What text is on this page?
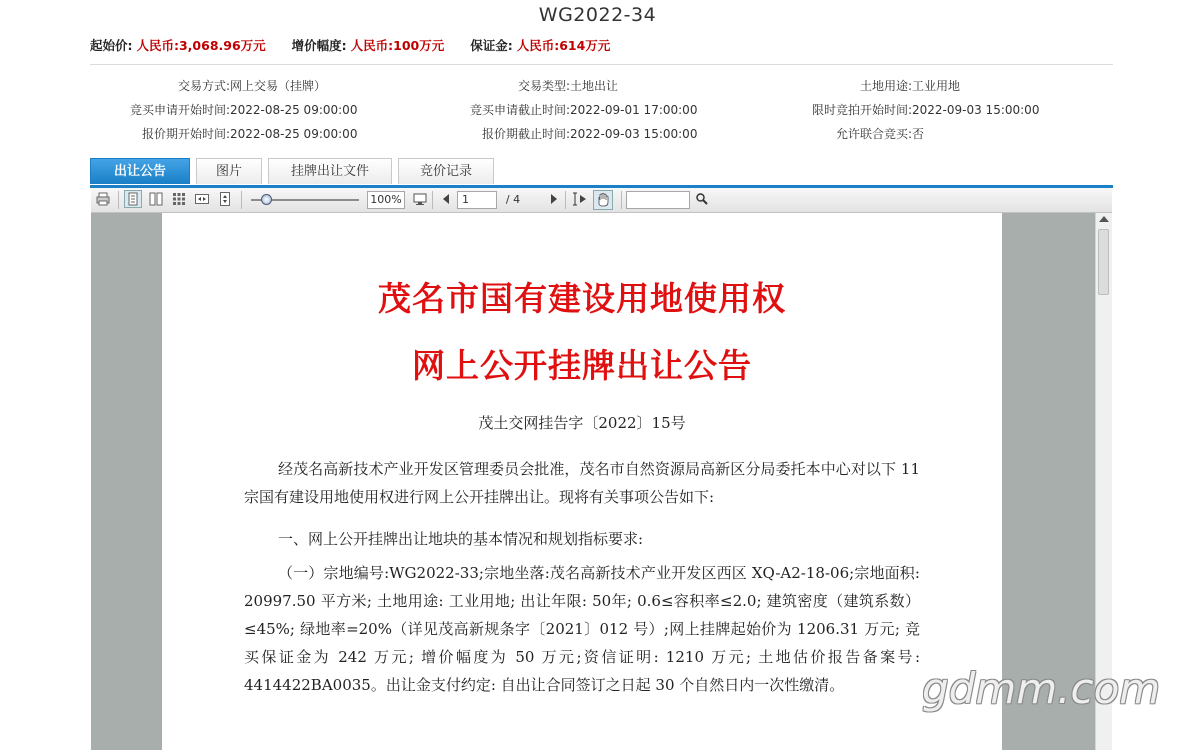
WG2022-34
起始价: 人民币:3,068.96万元 增价幅度: 人民币:100万元 保证金: 人民币:614万元
交易方式:网上交易（挂牌）	交易类型:土地出让	土地用途:工业用地
竞买申请开始时间:2022-08-25 09:00:00	竞买申请截止时间:2022-09-01 17:00:00	限时竞拍开始时间:2022-09-03 15:00:00
报价期开始时间:2022-08-25 09:00:00	报价期截止时间:2022-09-03 15:00:00	允许联合竞买:否
出让公告	图片	挂牌出让文件	竞价记录
100%	1	/ 4
茂名市国有建设用地使用权
网上公开挂牌出让公告
茂土交网挂告字〔2022〕15号
经茂名高新技术产业开发区管理委员会批准，茂名市自然资源局高新区分局委托本中心对以下 11 宗国有建设用地使用权进行网上公开挂牌出让。现将有关事项公告如下:
一、网上公开挂牌出让地块的基本情况和规划指标要求:
（一）宗地编号:WG2022-33;宗地坐落:茂名高新技术产业开发区西区 XQ-A2-18-06;宗地面积: 20997.50 平方米; 土地用途: 工业用地; 出让年限: 50年; 0.6≤容积率≤2.0; 建筑密度（建筑系数）≤45%; 绿地率=20%（详见茂高新规条字〔2021〕012 号）;网上挂牌起始价为 1206.31 万元; 竞买保证金为 242 万元; 增价幅度为 50 万元;资信证明: 1210 万元; 土地估价报告备案号: 4414422BA0035。出让金支付约定: 自出让合同签订之日起 30 个自然日内一次性缴清。	gdmm.com
